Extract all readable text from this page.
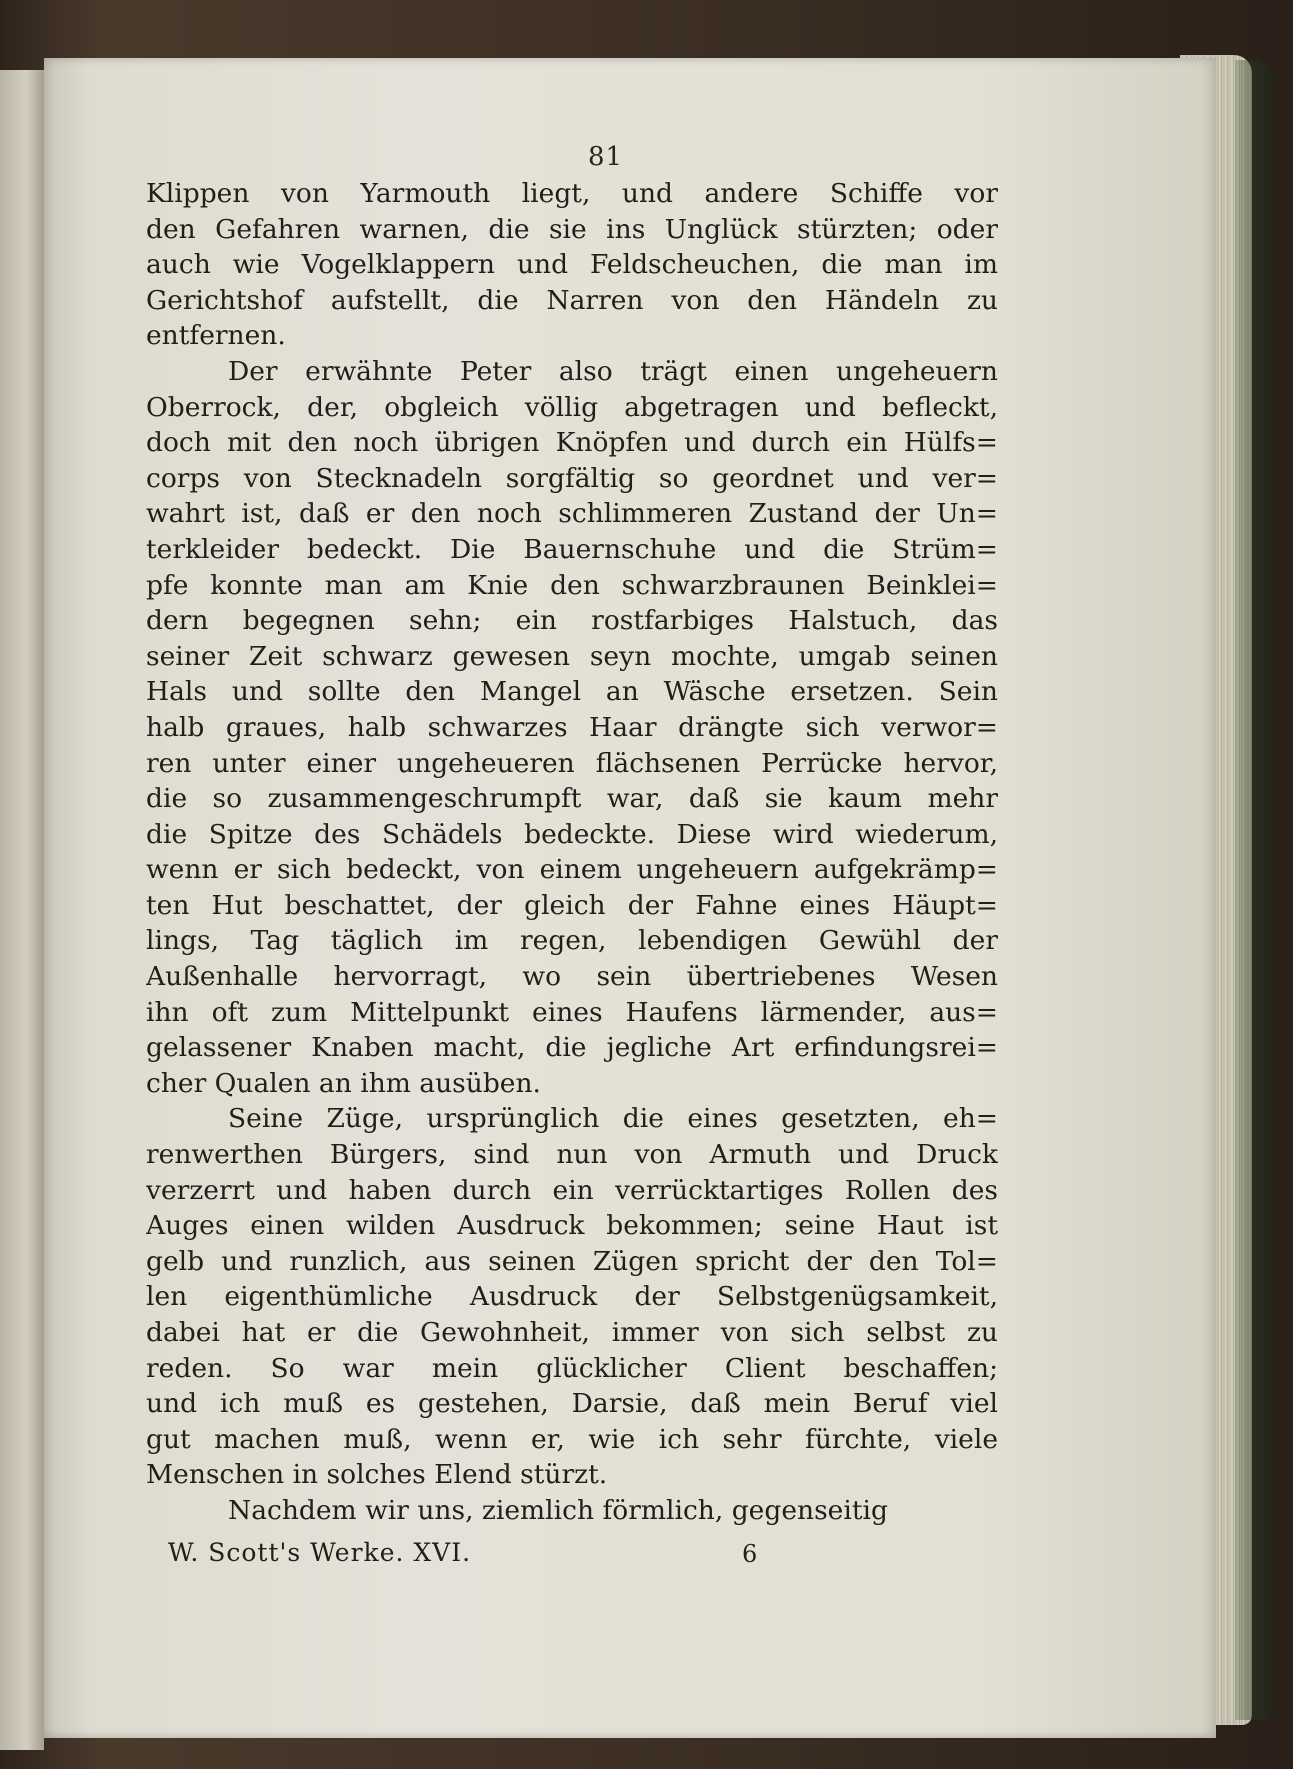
81
Klippen von Yarmouth liegt, und andere Schiffe vor
den Gefahren warnen, die sie ins Unglück stürzten; oder
auch wie Vogelklappern und Feldscheuchen, die man im
Gerichtshof aufstellt, die Narren von den Händeln zu
entfernen.
Der erwähnte Peter also trägt einen ungeheuern
Oberrock, der, obgleich völlig abgetragen und befleckt,
doch mit den noch übrigen Knöpfen und durch ein Hülfs=
corps von Stecknadeln sorgfältig so geordnet und ver=
wahrt ist, daß er den noch schlimmeren Zustand der Un=
terkleider bedeckt. Die Bauernschuhe und die Strüm=
pfe konnte man am Knie den schwarzbraunen Beinklei=
dern begegnen sehn; ein rostfarbiges Halstuch, das
seiner Zeit schwarz gewesen seyn mochte, umgab seinen
Hals und sollte den Mangel an Wäsche ersetzen. Sein
halb graues, halb schwarzes Haar drängte sich verwor=
ren unter einer ungeheueren flächsenen Perrücke hervor,
die so zusammengeschrumpft war, daß sie kaum mehr
die Spitze des Schädels bedeckte. Diese wird wiederum,
wenn er sich bedeckt, von einem ungeheuern aufgekrämp=
ten Hut beschattet, der gleich der Fahne eines Häupt=
lings, Tag täglich im regen, lebendigen Gewühl der
Außenhalle hervorragt, wo sein übertriebenes Wesen
ihn oft zum Mittelpunkt eines Haufens lärmender, aus=
gelassener Knaben macht, die jegliche Art erfindungsrei=
cher Qualen an ihm ausüben.
Seine Züge, ursprünglich die eines gesetzten, eh=
renwerthen Bürgers, sind nun von Armuth und Druck
verzerrt und haben durch ein verrücktartiges Rollen des
Auges einen wilden Ausdruck bekommen; seine Haut ist
gelb und runzlich, aus seinen Zügen spricht der den Tol=
len eigenthümliche Ausdruck der Selbstgenügsamkeit,
dabei hat er die Gewohnheit, immer von sich selbst zu
reden. So war mein glücklicher Client beschaffen;
und ich muß es gestehen, Darsie, daß mein Beruf viel
gut machen muß, wenn er, wie ich sehr fürchte, viele
Menschen in solches Elend stürzt.
Nachdem wir uns, ziemlich förmlich, gegenseitig
W. Scott's Werke. XVI.	6
